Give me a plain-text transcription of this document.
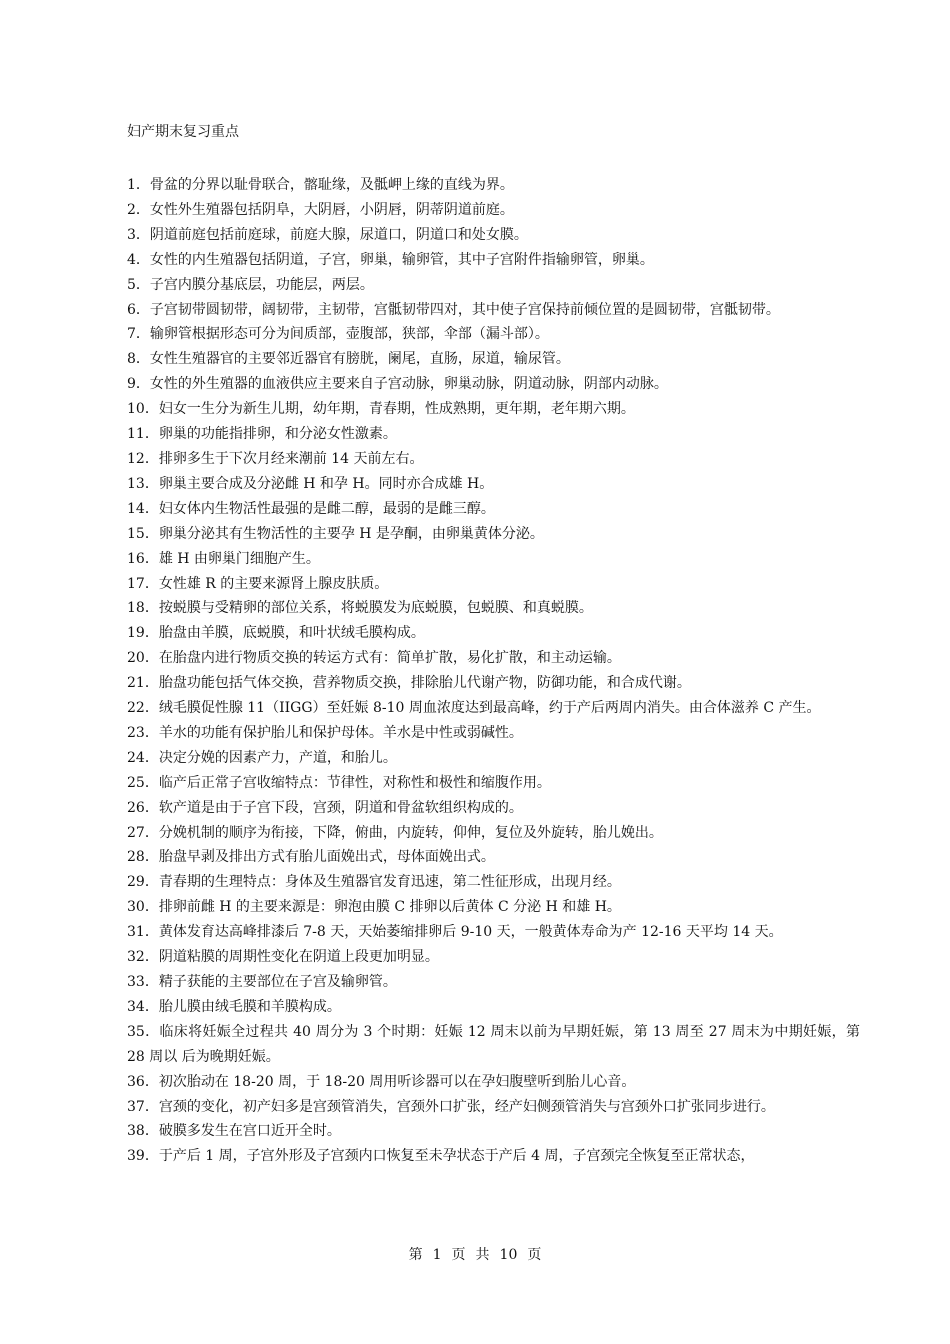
妇产期末复习重点

1．骨盆的分界以耻骨联合，髂耻缘，及骶岬上缘的直线为界。

2．女性外生殖器包括阴阜，大阴唇，小阴唇，阴蒂阴道前庭。

3．阴道前庭包括前庭球，前庭大腺，尿道口，阴道口和处女膜。

4．女性的内生殖器包括阴道，子宫，卵巢，输卵管，其中子宫附件指输卵管，卵巢。

5．子宫内膜分基底层，功能层，两层。

6．子宫韧带圆韧带，阔韧带，主韧带，宫骶韧带四对，其中使子宫保持前倾位置的是圆韧带，宫骶韧带。

7．输卵管根据形态可分为间质部，壶腹部，狭部，伞部（漏斗部）。

8．女性生殖器官的主要邻近器官有膀胱，阑尾，直肠，尿道，输尿管。

9．女性的外生殖器的血液供应主要来自子宫动脉，卵巢动脉，阴道动脉，阴部内动脉。

10．妇女一生分为新生儿期，幼年期，青春期，性成熟期，更年期，老年期六期。

11．卵巢的功能指排卵，和分泌女性激素。

12．排卵多生于下次月经来潮前 14 天前左右。

13．卵巢主要合成及分泌雌 H 和孕 H。同时亦合成雄 H。

14．妇女体内生物活性最强的是雌二醇，最弱的是雌三醇。

15．卵巢分泌其有生物活性的主要孕 H 是孕酮，由卵巢黄体分泌。

16．雄 H 由卵巢门细胞产生。

17．女性雄 R 的主要来源肾上腺皮肤质。

18．按蜕膜与受精卵的部位关系，将蜕膜发为底蜕膜，包蜕膜、和真蜕膜。

19．胎盘由羊膜，底蜕膜，和叶状绒毛膜构成。

20．在胎盘内进行物质交换的转运方式有：简单扩散，易化扩散，和主动运输。

21．胎盘功能包括气体交换，营养物质交换，排除胎儿代谢产物，防御功能，和合成代谢。

22．绒毛膜促性腺 11（IIGG）至妊娠 8-10 周血浓度达到最高峰，约于产后两周内消失。由合体滋养 C 产生。

23．羊水的功能有保护胎儿和保护母体。羊水是中性或弱碱性。

24．决定分娩的因素产力，产道，和胎儿。

25．临产后正常子宫收缩特点：节律性，对称性和极性和缩腹作用。

26．软产道是由于子宫下段，宫颈，阴道和骨盆软组织构成的。

27．分娩机制的顺序为衔接，下降，俯曲，内旋转，仰伸，复位及外旋转，胎儿娩出。

28．胎盘早剥及排出方式有胎儿面娩出式，母体面娩出式。

29．青春期的生理特点：身体及生殖器官发育迅速，第二性征形成，出现月经。

30．排卵前雌 H 的主要来源是：卵泡由膜 C 排卵以后黄体 C 分泌 H 和雄 H。

31．黄体发育达高峰排漆后 7-8 天，天始萎缩排卵后 9-10 天，一般黄体寿命为产 12-16 天平均 14 天。

32．阴道粘膜的周期性变化在阴道上段更加明显。

33．精子获能的主要部位在子宫及输卵管。

34．胎儿膜由绒毛膜和羊膜构成。

35．临床将妊娠全过程共 40 周分为 3 个时期：妊娠 12 周末以前为早期妊娠，第 13 周至 27 周末为中期妊娠，第 28 周以 后为晚期妊娠。

36．初次胎动在 18-20 周，于 18-20 周用听诊器可以在孕妇腹壁听到胎儿心音。

37．宫颈的变化，初产妇多是宫颈管消失，宫颈外口扩张，经产妇侧颈管消失与宫颈外口扩张同步进行。

38．破膜多发生在宫口近开全时。

39．于产后 1 周，子宫外形及子宫颈内口恢复至未孕状态于产后 4 周，子宫颈完全恢复至正常状态，

第 1 页 共 10 页
